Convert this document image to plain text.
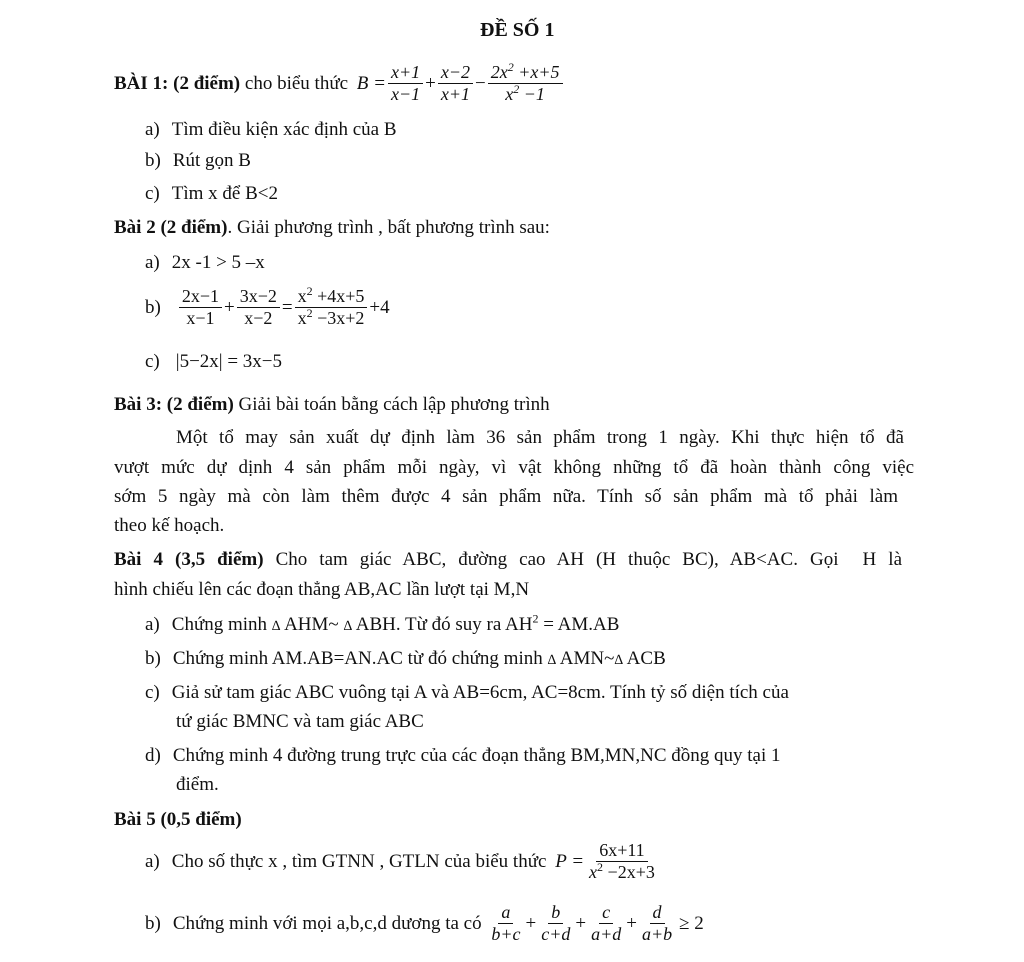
ĐỀ SỐ 1
BÀI 1: (2 điểm) cho biểu thức $B = \frac{x+1}{x-1} + \frac{x-2}{x+1} - \frac{2x^2 +x+5}{x^2 -1}$
a) Tìm điều kiện xác định của B
b) Rút gọn B
c) Tìm x để B<2
Bài 2 (2 điểm). Giải phương trình , bất phương trình sau:
a) 2x -1 > 5 –x
$b) \frac{2x-1}{x-1} + \frac{3x-2}{x-2} = \frac{x^2 +4x+5}{x^2 -3x+2} +4$
c) |5−2x| = 3x−5
Bài 3: (2 điểm) Giải bài toán bằng cách lập phương trình
Một tổ may sản xuất dự định làm 36 sản phẩm trong 1 ngày. Khi thực hiện tổ đã
vượt mức dự dịnh 4 sản phẩm mỗi ngày, vì vật không những tổ đã hoàn thành công việc
sớm 5 ngày mà còn làm thêm được 4 sản phẩm nữa. Tính số sản phẩm mà tổ phải làm
theo kế hoạch.
Bài 4 (3,5 điểm) Cho tam giác ABC, đường cao AH (H thuộc BC), AB<AC. Gọi  H là
hình chiếu lên các đoạn thẳng AB,AC lần lượt tại M,N
a) Chứng minh ∆ AHM~ ∆ ABH. Từ đó suy ra $AH^2 = AM.AB$
b) Chứng minh AM.AB=AN.AC từ đó chứng minh ∆ AMN~∆ ACB
c) Giả sử tam giác ABC vuông tại A và AB=6cm, AC=8cm. Tính tỷ số diện tích của
tứ giác BMNC và tam giác ABC
d) Chứng minh 4 đường trung trực của các đoạn thẳng BM,MN,NC đồng quy tại 1
điểm.
Bài 5 (0,5 điểm)
a) Cho số thực x , tìm GTNN , GTLN của biểu thức $P = \frac{6x+11}{x^2 -2x+3}$
b) Chứng minh với mọi a,b,c,d dương ta có $\frac{a}{b+c} + \frac{b}{c+d} + \frac{c}{a+d} + \frac{d}{a+b} \ge 2$
